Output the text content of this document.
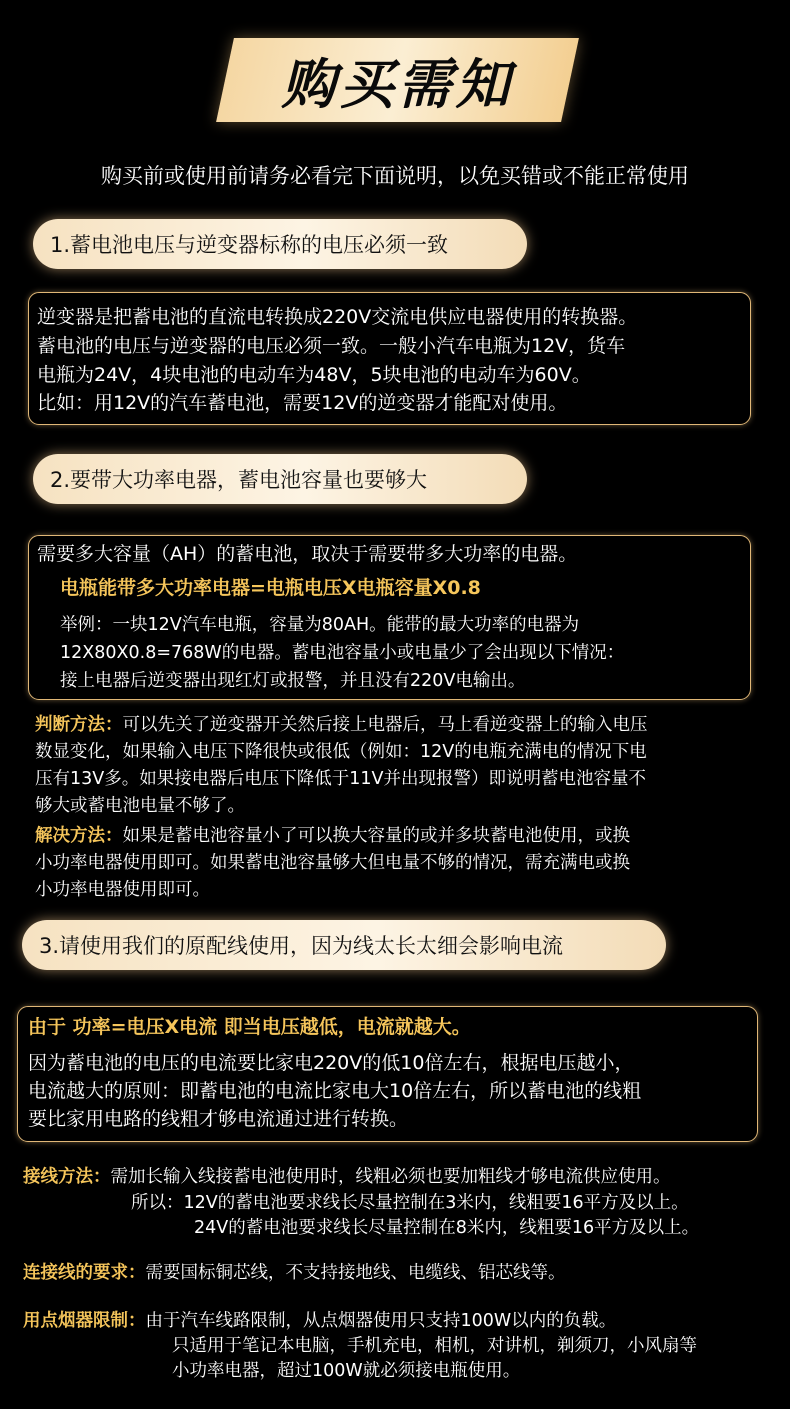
购买需知
购买前或使用前请务必看完下面说明，以免买错或不能正常使用
1.蓄电池电压与逆变器标称的电压必须一致
逆变器是把蓄电池的直流电转换成220V交流电供应电器使用的转换器。
蓄电池的电压与逆变器的电压必须一致。一般小汽车电瓶为12V，货车
电瓶为24V，4块电池的电动车为48V，5块电池的电动车为60V。
比如：用12V的汽车蓄电池，需要12V的逆变器才能配对使用。
2.要带大功率电器，蓄电池容量也要够大
需要多大容量（AH）的蓄电池，取决于需要带多大功率的电器。
电瓶能带多大功率电器=电瓶电压X电瓶容量X0.8
举例：一块12V汽车电瓶，容量为80AH。能带的最大功率的电器为
12X80X0.8=768W的电器。蓄电池容量小或电量少了会出现以下情况：
接上电器后逆变器出现红灯或报警，并且没有220V电输出。
判断方法：可以先关了逆变器开关然后接上电器后，马上看逆变器上的输入电压
数显变化，如果输入电压下降很快或很低（例如：12V的电瓶充满电的情况下电
压有13V多。如果接电器后电压下降低于11V并出现报警）即说明蓄电池容量不
够大或蓄电池电量不够了。
解决方法：如果是蓄电池容量小了可以换大容量的或并多块蓄电池使用，或换
小功率电器使用即可。如果蓄电池容量够大但电量不够的情况，需充满电或换
小功率电器使用即可。
3.请使用我们的原配线使用，因为线太长太细会影响电流
由于 功率=电压X电流 即当电压越低，电流就越大。
因为蓄电池的电压的电流要比家电220V的低10倍左右，根据电压越小，
电流越大的原则：即蓄电池的电流比家电大10倍左右，所以蓄电池的线粗
要比家用电路的线粗才够电流通过进行转换。
接线方法：需加长输入线接蓄电池使用时，线粗必须也要加粗线才够电流供应使用。
所以：12V的蓄电池要求线长尽量控制在3米内，线粗要16平方及以上。
24V的蓄电池要求线长尽量控制在8米内，线粗要16平方及以上。
连接线的要求：需要国标铜芯线，不支持接地线、电缆线、铝芯线等。
用点烟器限制：由于汽车线路限制，从点烟器使用只支持100W以内的负载。
只适用于笔记本电脑，手机充电，相机，对讲机，剃须刀，小风扇等
小功率电器，超过100W就必须接电瓶使用。
